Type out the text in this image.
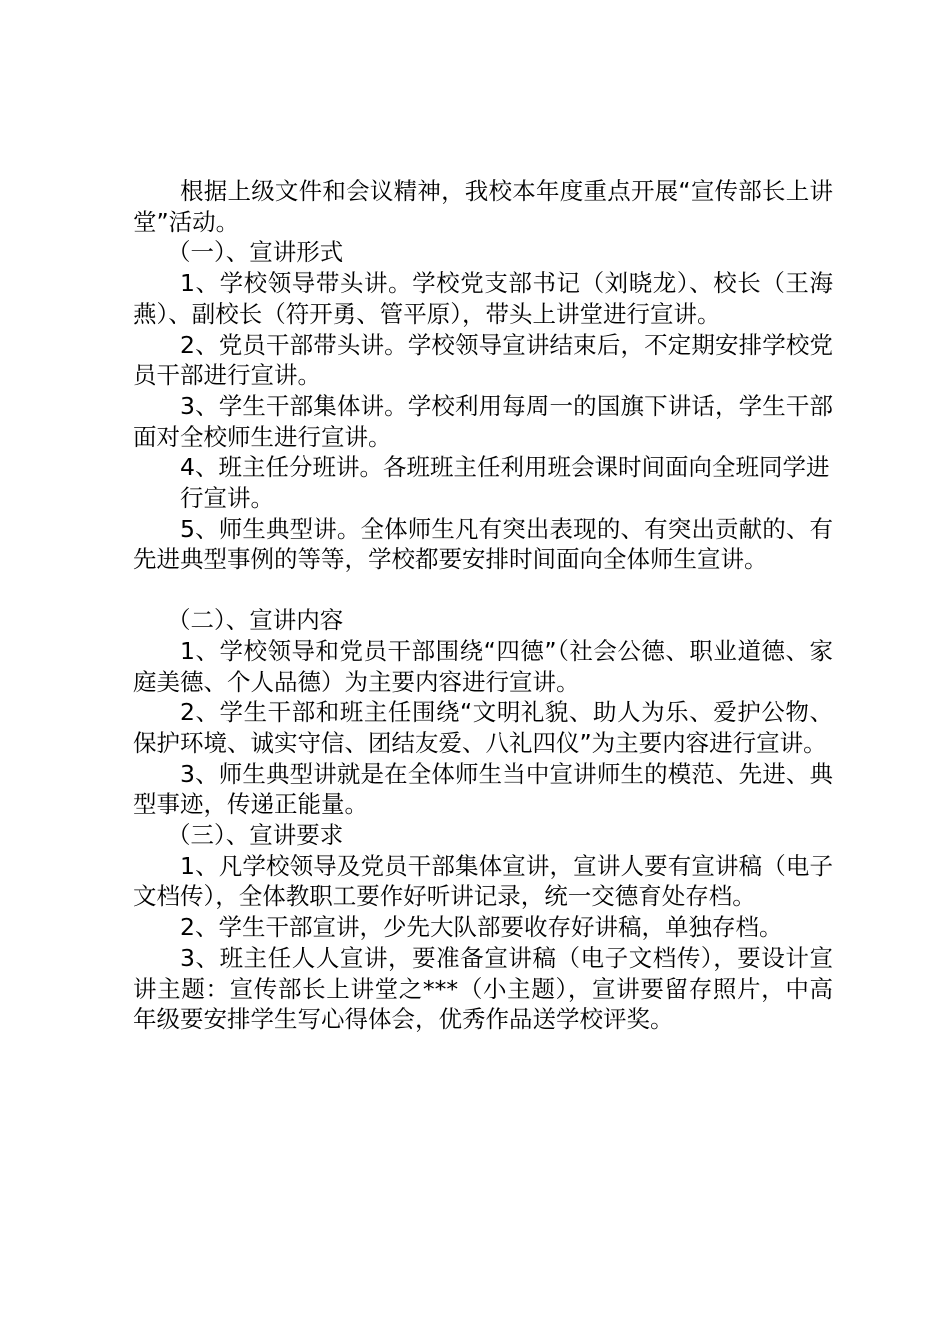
根据上级文件和会议精神，我校本年度重点开展“宣传部长上讲堂”活动。

（一）、宣讲形式

1、学校领导带头讲。学校党支部书记（刘晓龙）、校长（王海燕）、副校长（符开勇、管平原），带头上讲堂进行宣讲。

2、党员干部带头讲。学校领导宣讲结束后，不定期安排学校党员干部进行宣讲。

3、学生干部集体讲。学校利用每周一的国旗下讲话，学生干部面对全校师生进行宣讲。

4、班主任分班讲。各班班主任利用班会课时间面向全班同学进

行宣讲。

5、师生典型讲。全体师生凡有突出表现的、有突出贡献的、有先进典型事例的等等，学校都要安排时间面向全体师生宣讲。

（二）、宣讲内容

1、学校领导和党员干部围绕“四德”（社会公德、职业道德、家庭美德、个人品德）为主要内容进行宣讲。

2、学生干部和班主任围绕“文明礼貌、助人为乐、爱护公物、保护环境、诚实守信、团结友爱、八礼四仪”为主要内容进行宣讲。

3、师生典型讲就是在全体师生当中宣讲师生的模范、先进、典型事迹，传递正能量。

（三）、宣讲要求

1、凡学校领导及党员干部集体宣讲，宣讲人要有宣讲稿（电子文档传），全体教职工要作好听讲记录，统一交德育处存档。

2、学生干部宣讲，少先大队部要收存好讲稿，单独存档。

3、班主任人人宣讲，要准备宣讲稿（电子文档传），要设计宣讲主题：宣传部长上讲堂之***（小主题），宣讲要留存照片，中高年级要安排学生写心得体会，优秀作品送学校评奖。
